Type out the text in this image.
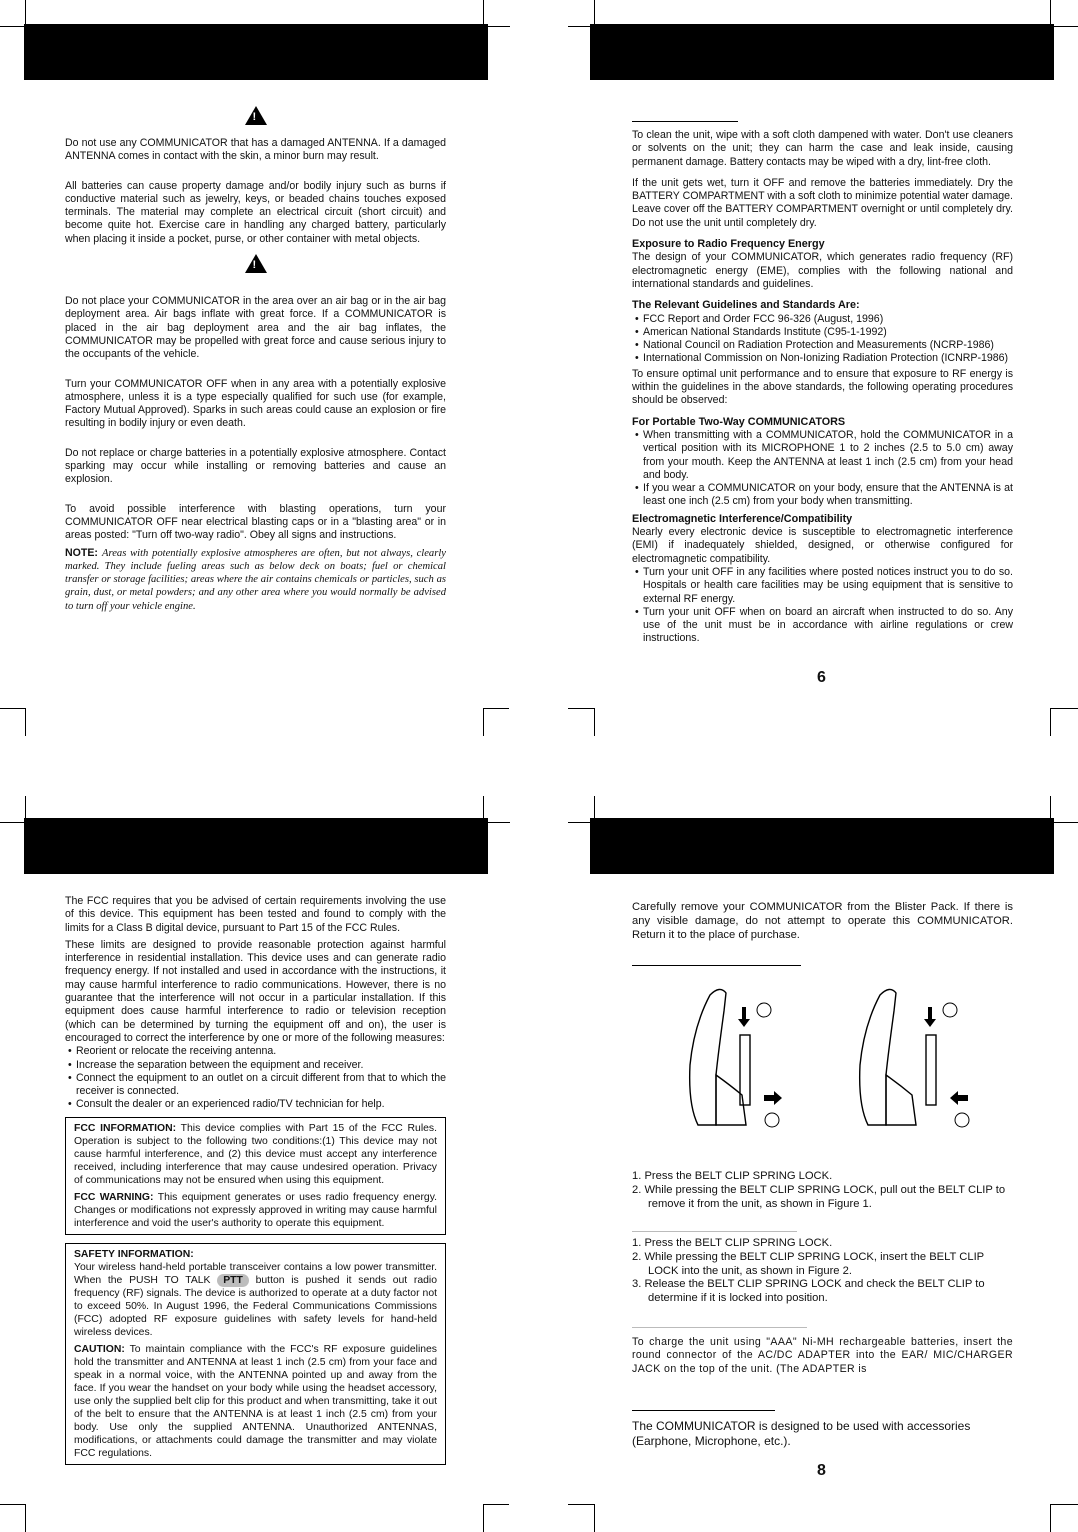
!

Do not use any COMMUNICATOR that has a damaged ANTENNA. If a damaged ANTENNA comes in contact with the skin, a minor burn may result.

All batteries can cause property damage and/or bodily injury such as burns if conductive material such as jewelry, keys, or beaded chains touches exposed terminals. The material may complete an electrical circuit (short circuit) and become quite hot. Exercise care in handling any charged battery, particularly when placing it inside a pocket, purse, or other container with metal objects.

!

Do not place your COMMUNICATOR in the area over an air bag or in the air bag deployment area. Air bags inflate with great force. If a COMMUNICATOR is placed in the air bag deployment area and the air bag inflates, the COMMUNICATOR may be propelled with great force and cause serious injury to the occupants of the vehicle.

Turn your COMMUNICATOR OFF when in any area with a potentially explosive atmosphere, unless it is a type especially qualified for such use (for example, Factory Mutual Approved). Sparks in such areas could cause an explosion or fire resulting in bodily injury or even death.

Do not replace or charge batteries in a potentially explosive atmosphere. Contact sparking may occur while installing or removing batteries and cause an explosion.

To avoid possible interference with blasting operations, turn your COMMUNICATOR OFF near electrical blasting caps or in a "blasting area" or in areas posted: "Turn off two-way radio". Obey all signs and instructions.

NOTE: Areas with potentially explosive atmospheres are often, but not always, clearly marked. They include fueling areas such as below deck on boats; fuel or chemical transfer or storage facilities; areas where the air contains chemicals or particles, such as grain, dust, or metal powders; and any other area where you would normally be advised to turn off your vehicle engine.

To clean the unit, wipe with a soft cloth dampened with water. Don't use cleaners or solvents on the unit; they can harm the case and leak inside, causing permanent damage. Battery contacts may be wiped with a dry, lint-free cloth.

If the unit gets wet, turn it OFF and remove the batteries immediately. Dry the BATTERY COMPARTMENT with a soft cloth to minimize potential water damage. Leave cover off the BATTERY COMPARTMENT overnight or until completely dry. Do not use the unit until completely dry.

Exposure to Radio Frequency Energy

The design of your COMMUNICATOR, which generates radio frequency (RF) electromagnetic energy (EME), complies with the following national and international standards and guidelines.

The Relevant Guidelines and Standards Are:
• FCC Report and Order FCC 96-326 (August, 1996)
• American National Standards Institute (C95-1-1992)
• National Council on Radiation Protection and Measurements (NCRP-1986)
• International Commission on Non-Ionizing Radiation Protection (ICNRP-1986)

To ensure optimal unit performance and to ensure that exposure to RF energy is within the guidelines in the above standards, the following operating procedures should be observed:

For Portable Two-Way COMMUNICATORS
• When transmitting with a COMMUNICATOR, hold the COMMUNICATOR in a vertical position with its MICROPHONE 1 to 2 inches (2.5 to 5.0 cm) away from your mouth. Keep the ANTENNA at least 1 inch (2.5 cm) from your head and body.
• If you wear a COMMUNICATOR on your body, ensure that the ANTENNA is at least one inch (2.5 cm) from your body when transmitting.
Electromagnetic Interference/Compatibility

Nearly every electronic device is susceptible to electromagnetic interference (EMI) if inadequately shielded, designed, or otherwise configured for electromagnetic compatibility.

• Turn your unit OFF in any facilities where posted notices instruct you to do so. Hospitals or health care facilities may be using equipment that is sensitive to external RF energy.
• Turn your unit OFF when on board an aircraft when instructed to do so. Any use of the unit must be in accordance with airline regulations or crew instructions.
6

The FCC requires that you be advised of certain requirements involving the use of this device. This equipment has been tested and found to comply with the limits for a Class B digital device, pursuant to Part 15 of the FCC Rules.

These limits are designed to provide reasonable protection against harmful interference in residential installation. This device uses and can generate radio frequency energy. If not installed and used in accordance with the instructions, it may cause harmful interference to radio communications. However, there is no guarantee that the interference will not occur in a particular installation. If this equipment does cause harmful interference to radio or television reception (which can be determined by turning the equipment off and on), the user is encouraged to correct the interference by one or more of the following measures:

• Reorient or relocate the receiving antenna.
• Increase the separation between the equipment and receiver.
• Connect the equipment to an outlet on a circuit different from that to which the receiver is connected.
• Consult the dealer or an experienced radio/TV technician for help.

FCC INFORMATION: This device complies with Part 15 of the FCC Rules. Operation is subject to the following two conditions:(1) This device may not cause harmful interference, and (2) this device must accept any interference received, including interference that may cause undesired operation. Privacy of communications may not be ensured when using this equipment.

FCC WARNING: This equipment generates or uses radio frequency energy. Changes or modifications not expressly approved in writing may cause harmful interference and void the user's authority to operate this equipment.

SAFETY INFORMATION:

Your wireless hand-held portable transceiver contains a low power transmitter. When the PUSH TO TALK PTT button is pushed it sends out radio frequency (RF) signals. The device is authorized to operate at a duty factor not to exceed 50%. In August 1996, the Federal Communications Commissions (FCC) adopted RF exposure guidelines with safety levels for hand-held wireless devices.

CAUTION: To maintain compliance with the FCC's RF exposure guidelines hold the transmitter and ANTENNA at least 1 inch (2.5 cm) from your face and speak in a normal voice, with the ANTENNA pointed up and away from the face. If you wear the handset on your body while using the headset accessory, use only the supplied belt clip for this product and when transmitting, take it out of the belt to ensure that the ANTENNA is at least 1 inch (2.5 cm) from your body. Use only the supplied ANTENNA. Unauthorized ANTENNAS, modifications, or attachments could damage the transmitter and may violate FCC regulations.

Carefully remove your COMMUNICATOR from the Blister Pack. If there is any visible damage, do not attempt to operate this COMMUNICATOR. Return it to the place of purchase.

1. Press the BELT CLIP SPRING LOCK.
2. While pressing the BELT CLIP SPRING LOCK, pull out the BELT CLIP to remove it from the unit, as shown in Figure 1.
1. Press the BELT CLIP SPRING LOCK.
2. While pressing the BELT CLIP SPRING LOCK, insert the BELT CLIP LOCK into the unit, as shown in Figure 2.
3. Release the BELT CLIP SPRING LOCK and check the BELT CLIP to determine if it is locked into position.

To charge the unit using "AAA" Ni-MH rechargeable batteries, insert the round connector of the AC/DC ADAPTER into the EAR/ MIC/CHARGER JACK on the top of the unit. (The ADAPTER is

The COMMUNICATOR is designed to be used with accessories (Earphone, Microphone, etc.).

8
